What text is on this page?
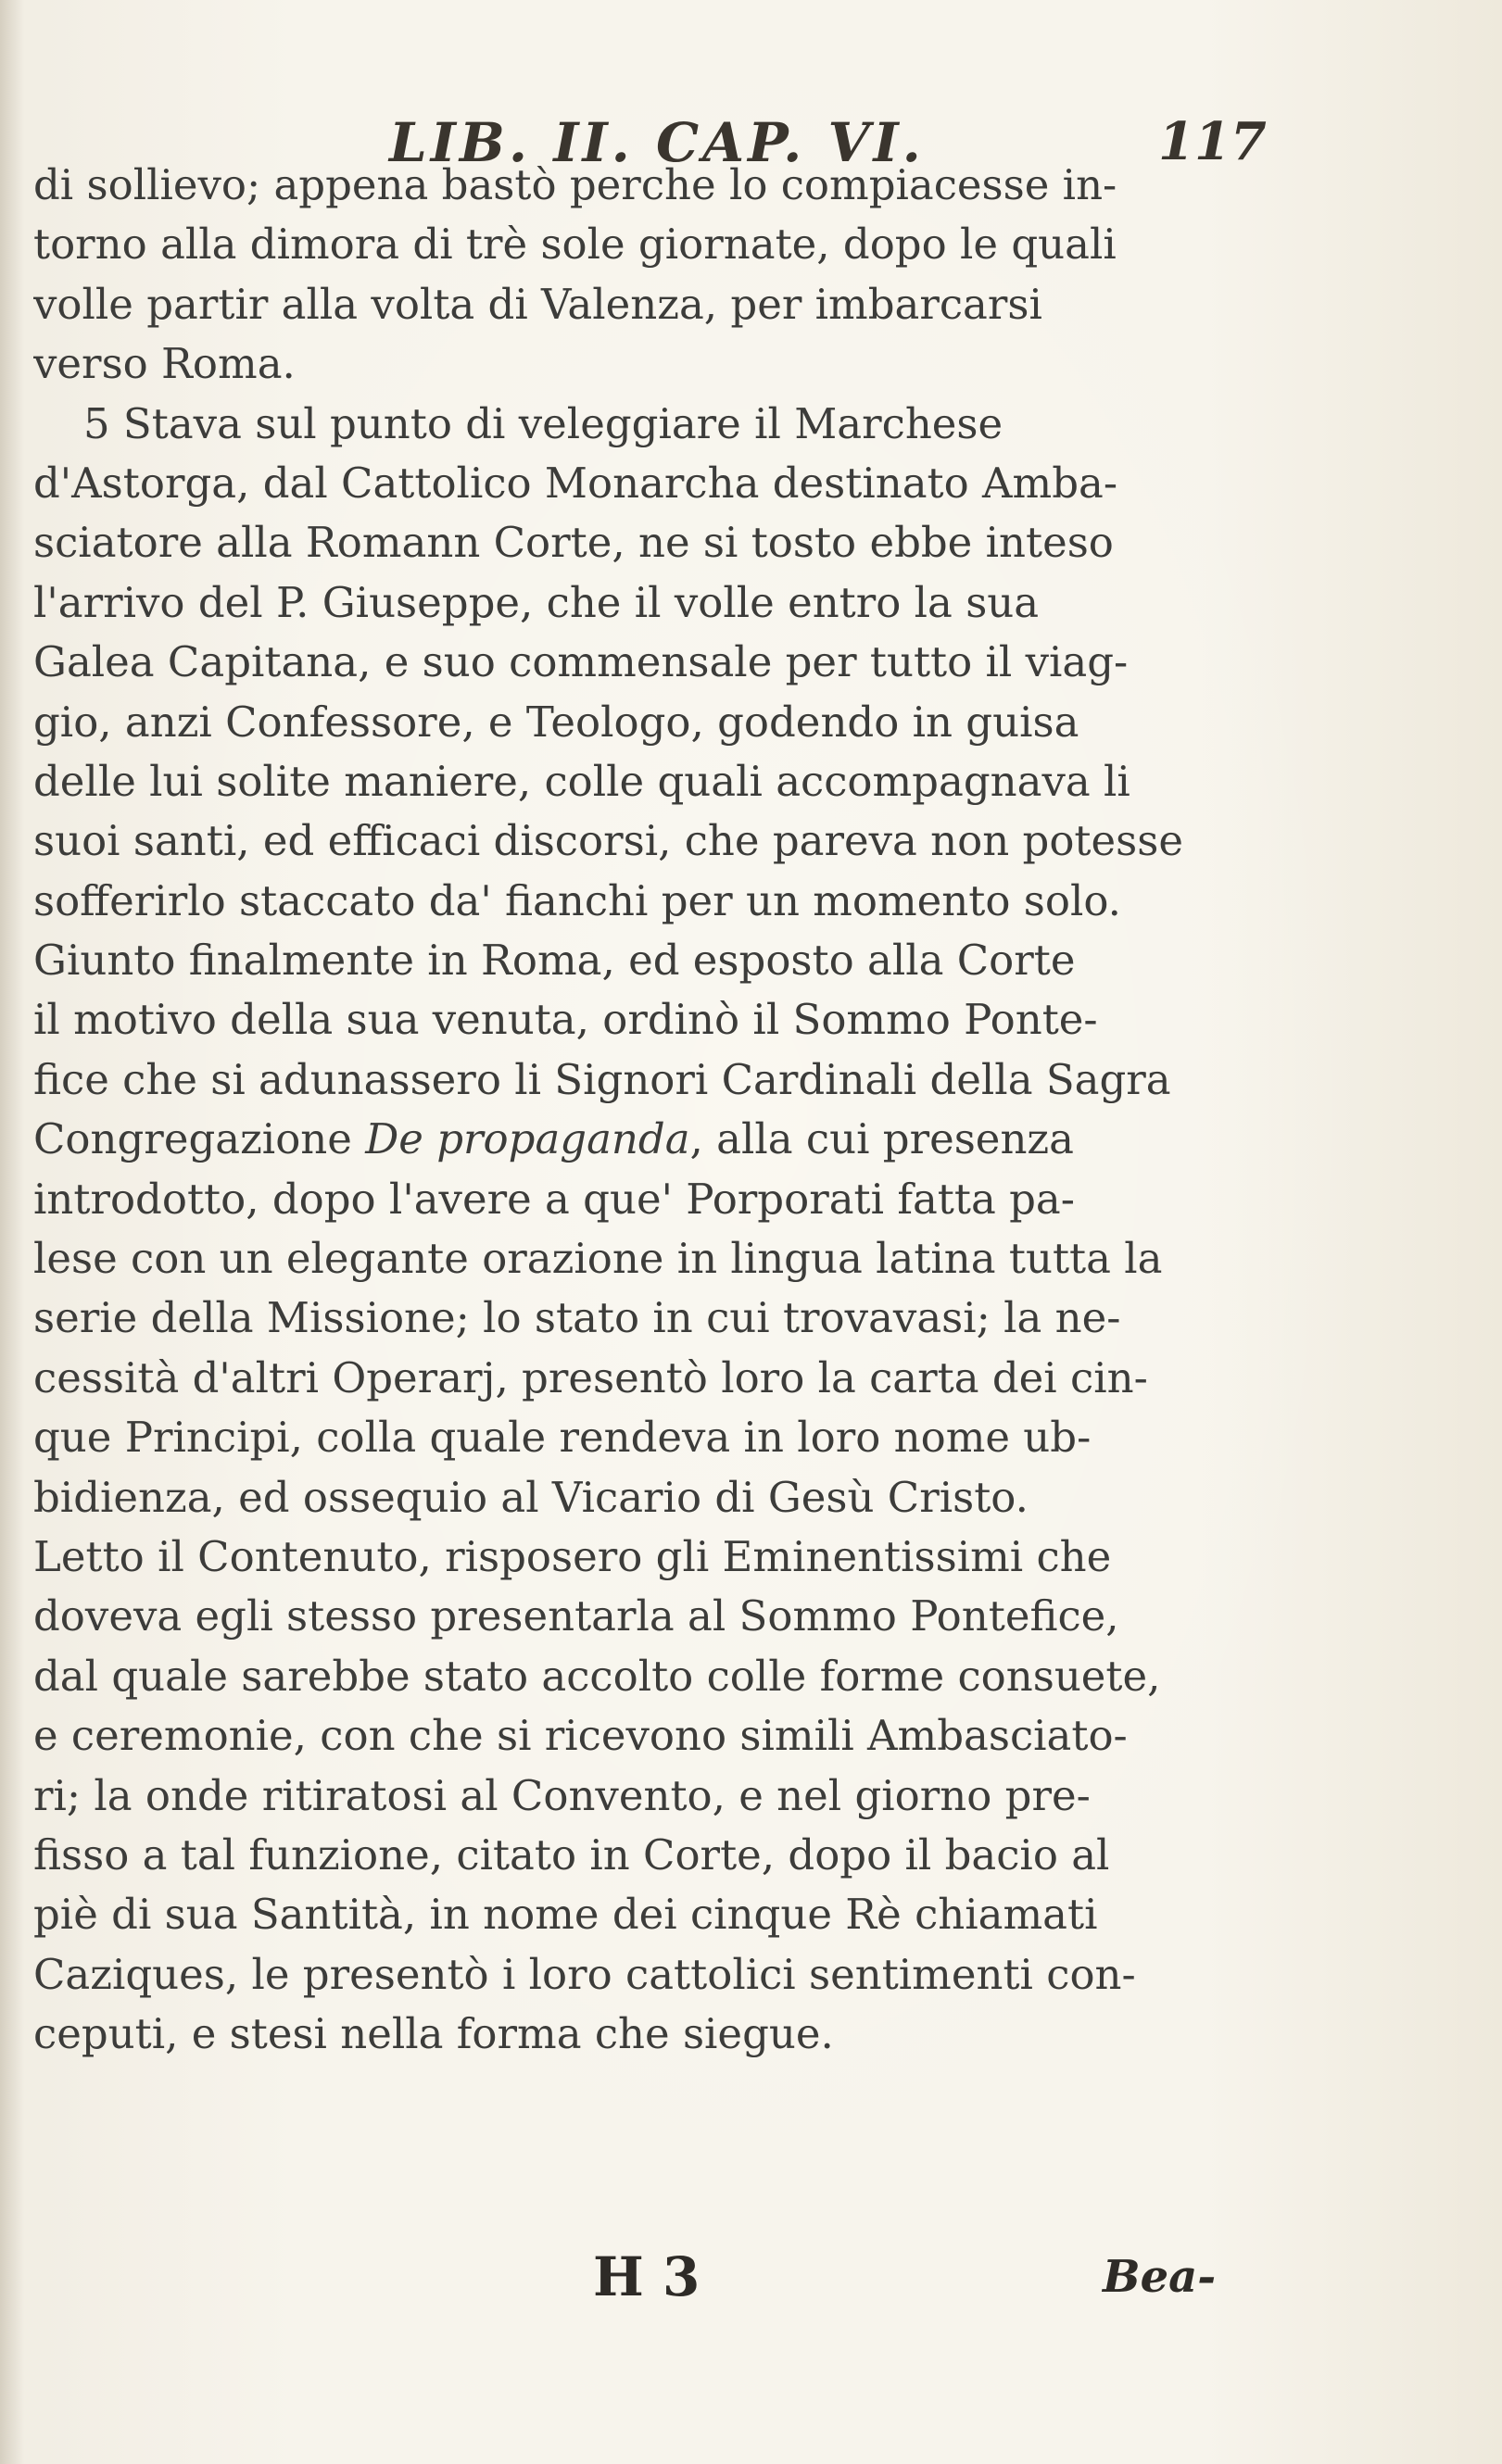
LIB. II. CAP. VI.	117
di sollievo; appena bastò perche lo compiacesse in-
torno alla dimora di trè sole giornate, dopo le quali
volle partir alla volta di Valenza, per imbarcarsi
verso Roma.
5 Stava sul punto di veleggiare il Marchese
d'Astorga, dal Cattolico Monarcha destinato Amba-
sciatore alla Romann Corte, ne si tosto ebbe inteso
l'arrivo del P. Giuseppe, che il volle entro la sua
Galea Capitana, e suo commensale per tutto il viag-
gio, anzi Confessore, e Teologo, godendo in guisa
delle lui solite maniere, colle quali accompagnava li
suoi santi, ed efficaci discorsi, che pareva non potesse
sofferirlo staccato da' fianchi per un momento solo.
Giunto finalmente in Roma, ed esposto alla Corte
il motivo della sua venuta, ordinò il Sommo Ponte-
fice che si adunassero li Signori Cardinali della Sagra
Congregazione De propaganda, alla cui presenza
introdotto, dopo l'avere a que' Porporati fatta pa-
lese con un elegante orazione in lingua latina tutta la
serie della Missione; lo stato in cui trovavasi; la ne-
cessità d'altri Operarj, presentò loro la carta dei cin-
que Principi, colla quale rendeva in loro nome ub-
bidienza, ed ossequio al Vicario di Gesù Cristo.
Letto il Contenuto, risposero gli Eminentissimi che
doveva egli stesso presentarla al Sommo Pontefice,
dal quale sarebbe stato accolto colle forme consuete,
e ceremonie, con che si ricevono simili Ambasciato-
ri; la onde ritiratosi al Convento, e nel giorno pre-
fisso a tal funzione, citato in Corte, dopo il bacio al
piè di sua Santità, in nome dei cinque Rè chiamati
Caziques, le presentò i loro cattolici sentimenti con-
ceputi, e stesi nella forma che siegue.
H 3	Bea-
